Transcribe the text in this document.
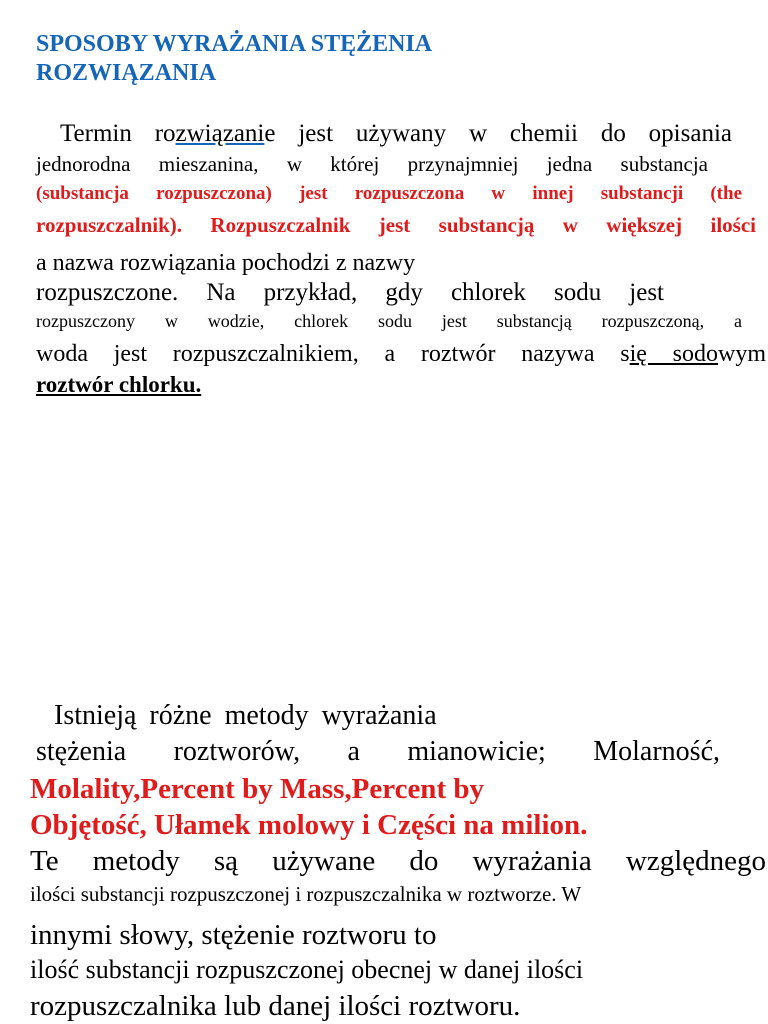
SPOSOBY WYRAŻANIA STĘŻENIA
ROZWIĄZANIA

Termin rozwiązanie jest używany w chemii do opisania

jednorodna mieszanina, w której przynajmniej jedna substancja

(substancja rozpuszczona) jest rozpuszczona w innej substancji (the

rozpuszczalnik). Rozpuszczalnik jest substancją w większej ilości

a nazwa rozwiązania pochodzi z nazwy

rozpuszczone. Na przykład, gdy chlorek sodu jest

rozpuszczony w wodzie, chlorek sodu jest substancją rozpuszczoną, a

woda jest rozpuszczalnikiem, a roztwór nazywa się sodowym

roztwór chlorku.

Istnieją różne metody wyrażania

stężenia roztworów, a mianowicie; Molarność,

Molality,Percent by Mass,Percent by

Objętość, Ułamek molowy i Części na milion.

Te metody są używane do wyrażania względnego

ilości substancji rozpuszczonej i rozpuszczalnika w roztworze. W

innymi słowy, stężenie roztworu to

ilość substancji rozpuszczonej obecnej w danej ilości

rozpuszczalnika lub danej ilości roztworu.
